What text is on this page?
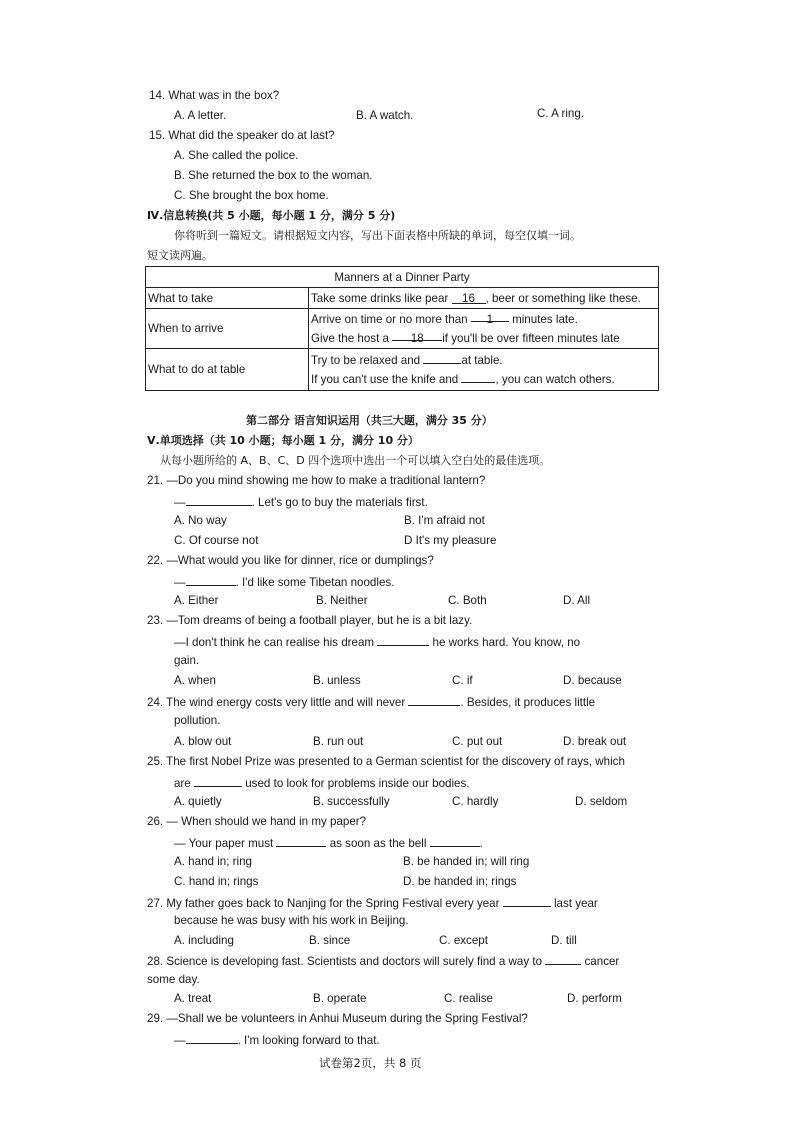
14. What was in the box?
A. A letter.	B. A watch.	C. A ring.
15. What did the speaker do at last?
A. She called the police.
B. She returned the box to the woman.
C. She brought the box home.
Ⅳ.信息转换(共 5 小题，每小题 1 分，满分 5 分)
你将听到一篇短文。请根据短文内容，写出下面表格中所缺的单词，每空仅填一词。
短文读两遍。
Manners at a Dinner Party	
What to take	Take some drinks like pear 16 , beer or something like these.
When to arrive	Arrive on time or no more than 1 minutes late.
Give the host a 18 if you'll be over fifteen minutes late

What to do at table	Try to be relaxed and at table.
If you can't use the knife and , you can watch others.
第二部分 语言知识运用（共三大题，满分 35 分）
Ⅴ.单项选择（共 10 小题；每小题 1 分，满分 10 分）
从每小题所给的 A、B、C、D 四个选项中选出一个可以填入空白处的最佳选项。
21. —Do you mind showing me how to make a traditional lantern?
—	. Let's go to buy the materials first.
A. No way	B. I'm afraid not
C. Of course not	D It's my pleasure
22. —What would you like for dinner, rice or dumplings?
—	. I'd like some Tibetan noodles.
A. Either	B. Neither	C. Both	D. All
23. —Tom dreams of being a football player, but he is a bit lazy.
—I don't think he can realise his dream	he works hard. You know, no
gain.
A. when	B. unless	C. if	D. because
24. The wind energy costs very little and will never	. Besides, it produces little
pollution.
A. blow out	B. run out	C. put out	D. break out
25. The first Nobel Prize was presented to a German scientist for the discovery of rays, which
are	used to look for problems inside our bodies.
A. quietly	B. successfully	C. hardly	D. seldom
26. — When should we hand in my paper?
— Your paper must	as soon as the bell	.
A. hand in; ring	B. be handed in; will ring
C. hand in; rings	D. be handed in; rings
27. My father goes back to Nanjing for the Spring Festival every year	last year
because he was busy with his work in Beijing.
A. including	B. since	C. except	D. till
28. Science is developing fast. Scientists and doctors will surely find a way to	cancer
some day.
A. treat	B. operate	C. realise	D. perform
29. —Shall we be volunteers in Anhui Museum during the Spring Festival?
—	. I'm looking forward to that.
试卷第2页，共 8 页
